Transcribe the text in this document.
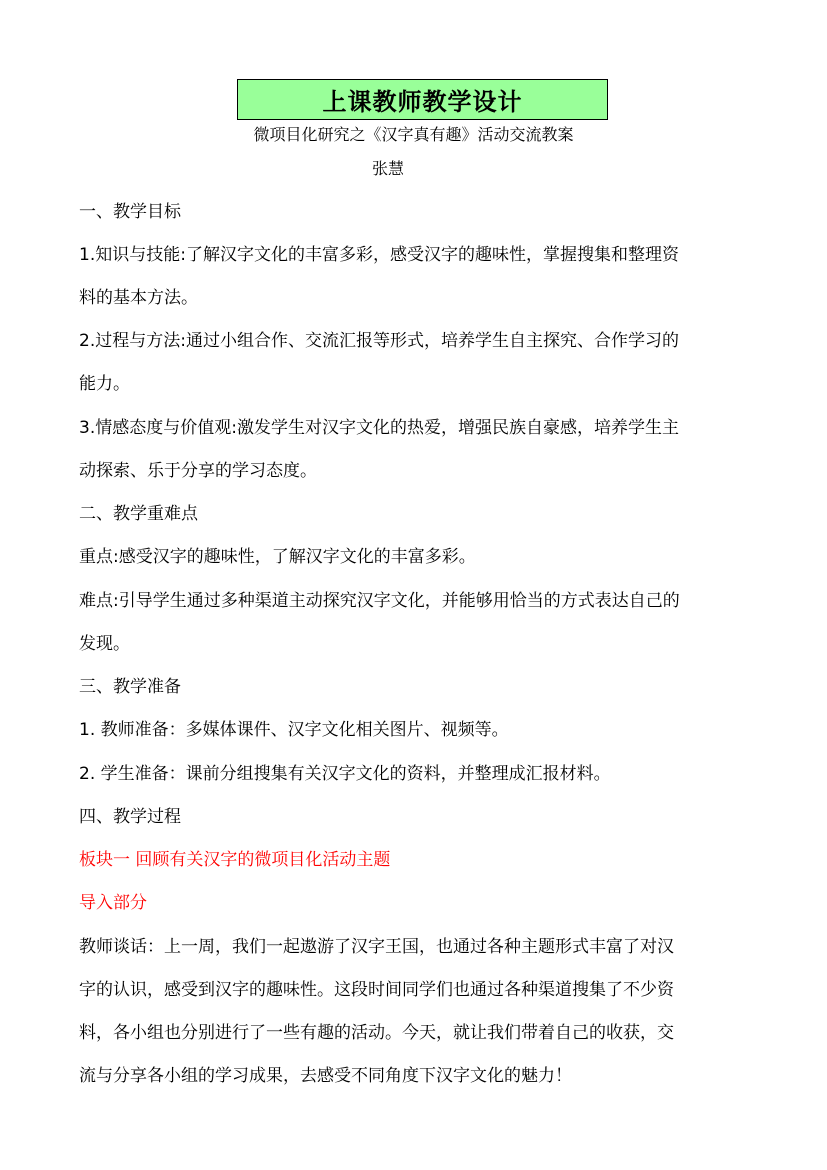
上课教师教学设计
微项目化研究之《汉字真有趣》活动交流教案
张慧
一、教学目标
1.知识与技能:了解汉字文化的丰富多彩，感受汉字的趣味性，掌握搜集和整理资
料的基本方法。
2.过程与方法:通过小组合作、交流汇报等形式，培养学生自主探究、合作学习的
能力。
3.情感态度与价值观:激发学生对汉字文化的热爱，增强民族自豪感，培养学生主
动探索、乐于分享的学习态度。
二、教学重难点
重点:感受汉字的趣味性，了解汉字文化的丰富多彩。
难点:引导学生通过多种渠道主动探究汉字文化，并能够用恰当的方式表达自己的
发现。
三、教学准备
1. 教师准备：多媒体课件、汉字文化相关图片、视频等。
2. 学生准备：课前分组搜集有关汉字文化的资料，并整理成汇报材料。
四、教学过程
板块一 回顾有关汉字的微项目化活动主题
导入部分
教师谈话：上一周，我们一起遨游了汉字王国，也通过各种主题形式丰富了对汉
字的认识，感受到汉字的趣味性。这段时间同学们也通过各种渠道搜集了不少资
料，各小组也分别进行了一些有趣的活动。今天，就让我们带着自己的收获，交
流与分享各小组的学习成果，去感受不同角度下汉字文化的魅力！
